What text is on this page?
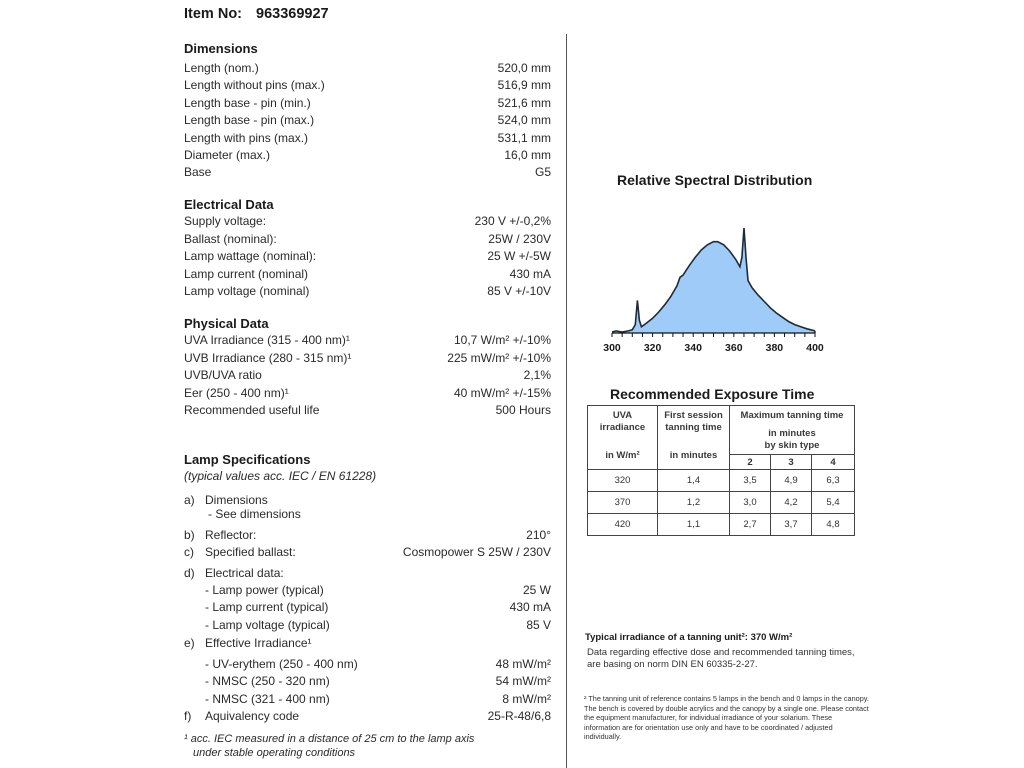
Item No: 963369927
Dimensions
Length (nom.)	520,0 mm
Length without pins (max.)	516,9 mm
Length base - pin (min.)	521,6 mm
Length base - pin (max.)	524,0 mm
Length with pins (max.)	531,1 mm
Diameter (max.)	16,0 mm
Base	G5
Electrical Data
Supply voltage:	230 V +/-0,2%
Ballast (nominal):	25W / 230V
Lamp wattage (nominal):	25 W +/-5W
Lamp current (nominal)	430 mA
Lamp voltage (nominal)	85 V +/-10V
Physical Data
UVA Irradiance (315 - 400 nm)¹	10,7 W/m² +/-10%
UVB Irradiance (280 - 315 nm)¹	225 mW/m² +/-10%
UVB/UVA ratio	2,1%
Eer (250 - 400 nm)¹	40 mW/m² +/-15%
Recommended useful life	500 Hours
Lamp Specifications
(typical values acc. IEC / EN 61228)
a) Dimensions
- See dimensions
b) Reflector:	210°
c) Specified ballast:	Cosmopower S 25W / 230V
d) Electrical data:
- Lamp power (typical)	25 W
- Lamp current (typical)	430 mA
- Lamp voltage (typical)	85 V
e) Effective Irradiance¹
- UV-erythem (250 - 400 nm)	48 mW/m²
- NMSC (250 - 320 nm)	54 mW/m²
- NMSC (321 - 400 nm)	8 mW/m²
f) Aquivalency code	25-R-48/6,8
¹ acc. IEC measured in a distance of 25 cm to the lamp axis
under stable operating conditions
Relative Spectral Distribution
300 320 340 360 380 400
Recommended Exposure Time
UVA
irradiance
in W/m²

First session
tanning time
in minutes

Maximum tanning time
in minutes
by skin type

		2	3	4
320	1,4	3,5	4,9	6,3
370	1,2	3,0	4,2	5,4
420	1,1	2,7	3,7	4,8
Typical irradiance of a tanning unit²: 370 W/m²
Data regarding effective dose and recommended tanning times, are basing on norm DIN EN 60335-2-27.
² The tanning unit of reference contains 5 lamps in the bench and 0 lamps in the canopy. The bench is covered by double acrylics and the canopy by a single one. Please contact the equipment manufacturer, for individual irradiance of your solarium. These information are for orientation use only and have to be coordinated / adjusted individually.
